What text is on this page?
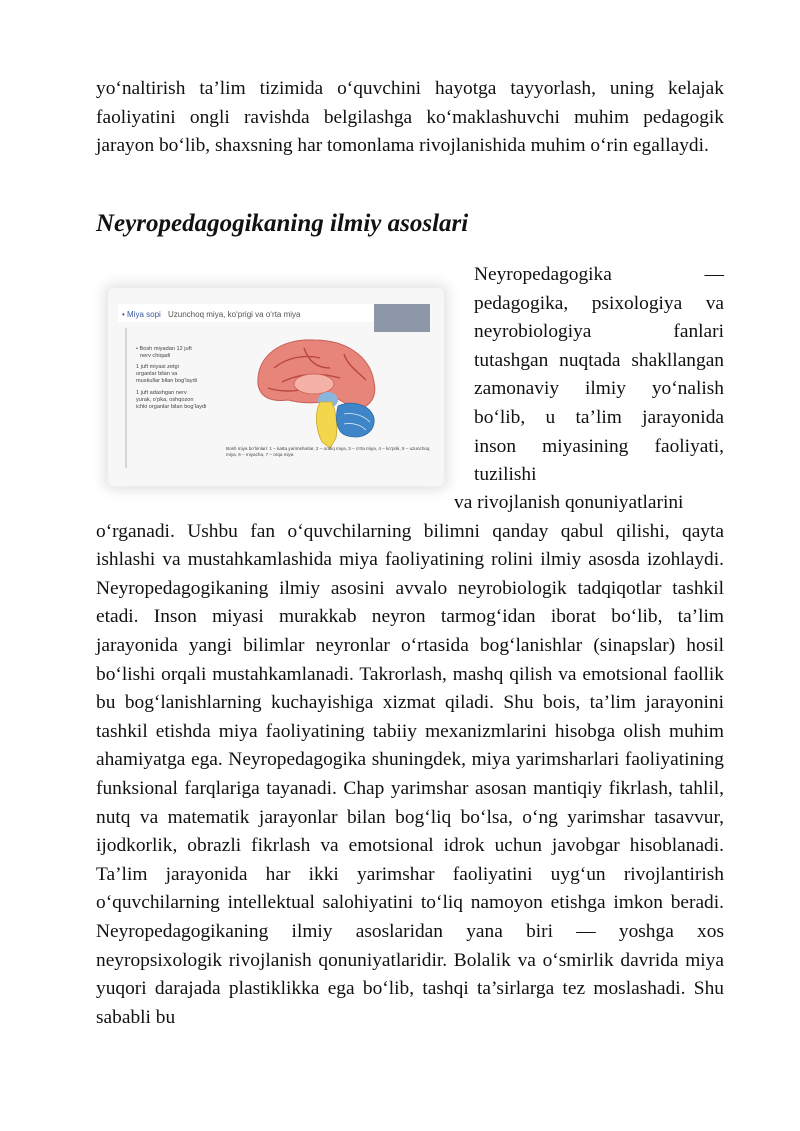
yo‘naltirish ta’lim tizimida o‘quvchini hayotga tayyorlash, uning kelajak faoliyatini ongli ravishda belgilashga ko‘maklashuvchi muhim pedagogik jarayon bo‘lib, shaxsning har tomonlama rivojlanishida muhim o‘rin egallaydi.

Neyropedagogikaning ilmiy asoslari
• Miya sopi Uzunchoq miya, ko‘prigi va o‘rta miya
• Bosh miyadan 12 juft
nerv chiqadi
1 juft miyasi zetgi
organlar bilan va
muskullar bilan bog‘laydi
1 juft adashgan nerv
yurak, o‘pka, oshqozon
ichki organlar bilan bog‘laydi
Bosh miya bo‘limlari: 1 – katta yarimsharlar, 2 – oraliq miya, 3 – o‘rta miya, 4 – ko‘prik, 5 – uzunchoq miya, 6 – miyacha, 7 – orqa miya

Neyropedagogika — pedagogika, psixologiya va neyrobiologiya fanlari tutashgan nuqtada shakllangan zamonaviy ilmiy yo‘nalish bo‘lib, u ta’lim jarayonida inson miyasining faoliyati, tuzilishi

va rivojlanish qonuniyatlarini
o‘rganadi. Ushbu fan o‘quvchilarning bilimni qanday qabul qilishi, qayta ishlashi va mustahkamlashida miya faoliyatining rolini ilmiy asosda izohlaydi. Neyropedagogikaning ilmiy asosini avvalo neyrobiologik tadqiqotlar tashkil etadi. Inson miyasi murakkab neyron tarmog‘idan iborat bo‘lib, ta’lim jarayonida yangi bilimlar neyronlar o‘rtasida bog‘lanishlar (sinapslar) hosil bo‘lishi orqali mustahkamlanadi. Takrorlash, mashq qilish va emotsional faollik bu bog‘lanishlarning kuchayishiga xizmat qiladi. Shu bois, ta’lim jarayonini tashkil etishda miya faoliyatining tabiiy mexanizmlarini hisobga olish muhim ahamiyatga ega. Neyropedagogika shuningdek, miya yarimsharlari faoliyatining funksional farqlariga tayanadi. Chap yarimshar asosan mantiqiy fikrlash, tahlil, nutq va matematik jarayonlar bilan bog‘liq bo‘lsa, o‘ng yarimshar tasavvur, ijodkorlik, obrazli fikrlash va emotsional idrok uchun javobgar hisoblanadi. Ta’lim jarayonida har ikki yarimshar faoliyatini uyg‘un rivojlantirish o‘quvchilarning intellektual salohiyatini to‘liq namoyon etishga imkon beradi. Neyropedagogikaning ilmiy asoslaridan yana biri — yoshga xos neyropsixologik rivojlanish qonuniyatlaridir. Bolalik va o‘smirlik davrida miya yuqori darajada plastiklikka ega bo‘lib, tashqi ta’sirlarga tez moslashadi. Shu sababli bu
